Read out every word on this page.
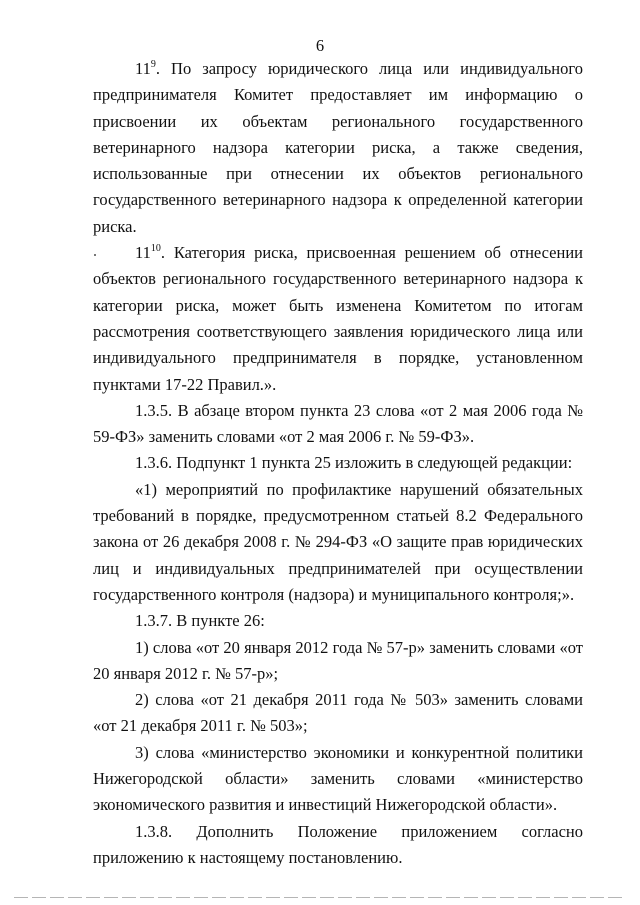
6

$11^9$. По запросу юридического лица или индивидуального предпринимателя Комитет предоставляет им информацию о присвоении их объектам регионального государственного ветеринарного надзора категории риска, а также сведения, использованные при отнесении их объектов регионального государственного ветеринарного надзора к определенной категории риска.

$11^{10}$. Категория риска, присвоенная решением об отнесении объектов регионального государственного ветеринарного надзора к категории риска, может быть изменена Комитетом по итогам рассмотрения соответствующего заявления юридического лица или индивидуального предпринимателя в порядке, установленном пунктами 17-22 Правил.».

1.3.5. В абзаце втором пункта 23 слова «от 2 мая 2006 года № 59-ФЗ» заменить словами «от 2 мая 2006 г. № 59-ФЗ».

1.3.6. Подпункт 1 пункта 25 изложить в следующей редакции:

«1) мероприятий по профилактике нарушений обязательных требований в порядке, предусмотренном статьей 8.2 Федерального закона от 26 декабря 2008 г. № 294-ФЗ «О защите прав юридических лиц и индивидуальных предпринимателей при осуществлении государственного контроля (надзора) и муниципального контроля;».

1.3.7. В пункте 26:

1) слова «от 20 января 2012 года № 57-р» заменить словами «от 20 января 2012 г. № 57-р»;

2) слова «от 21 декабря 2011 года № 503» заменить словами «от 21 декабря 2011 г. № 503»;

3) слова «министерство экономики и конкурентной политики Нижегородской области» заменить словами «министерство экономического развития и инвестиций Нижегородской области».

1.3.8. Дополнить Положение приложением согласно приложению к настоящему постановлению.
